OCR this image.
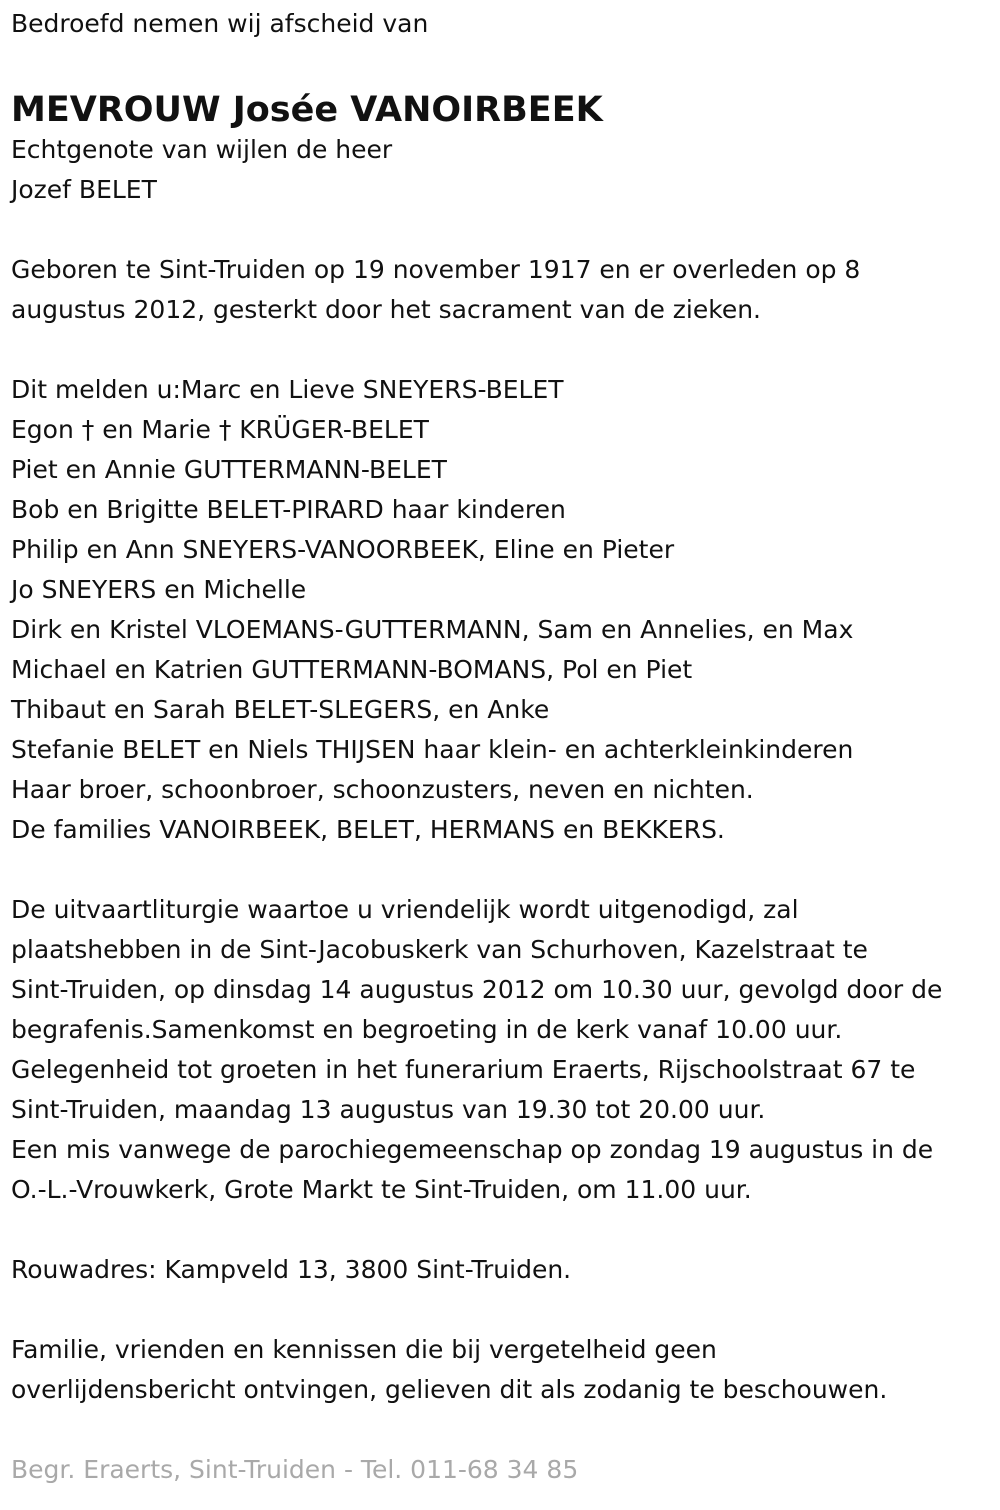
Bedroefd nemen wij afscheid van
MEVROUW Josée VANOIRBEEK
Echtgenote van wijlen de heer
Jozef BELET
Geboren te Sint-Truiden op 19 november 1917 en er overleden op 8
augustus 2012, gesterkt door het sacrament van de zieken.
Dit melden u:Marc en Lieve SNEYERS-BELET
Egon † en Marie † KRÜGER-BELET
Piet en Annie GUTTERMANN-BELET
Bob en Brigitte BELET-PIRARD haar kinderen
Philip en Ann SNEYERS-VANOORBEEK, Eline en Pieter
Jo SNEYERS en Michelle
Dirk en Kristel VLOEMANS-GUTTERMANN, Sam en Annelies, en Max
Michael en Katrien GUTTERMANN-BOMANS, Pol en Piet
Thibaut en Sarah BELET-SLEGERS, en Anke
Stefanie BELET en Niels THIJSEN haar klein- en achterkleinkinderen
Haar broer, schoonbroer, schoonzusters, neven en nichten.
De families VANOIRBEEK, BELET, HERMANS en BEKKERS.
De uitvaartliturgie waartoe u vriendelijk wordt uitgenodigd, zal
plaatshebben in de Sint-Jacobuskerk van Schurhoven, Kazelstraat te
Sint-Truiden, op dinsdag 14 augustus 2012 om 10.30 uur, gevolgd door de
begrafenis.Samenkomst en begroeting in de kerk vanaf 10.00 uur.
Gelegenheid tot groeten in het funerarium Eraerts, Rijschoolstraat 67 te
Sint-Truiden, maandag 13 augustus van 19.30 tot 20.00 uur.
Een mis vanwege de parochiegemeenschap op zondag 19 augustus in de
O.-L.-Vrouwkerk, Grote Markt te Sint-Truiden, om 11.00 uur.
Rouwadres: Kampveld 13, 3800 Sint-Truiden.
Familie, vrienden en kennissen die bij vergetelheid geen
overlijdensbericht ontvingen, gelieven dit als zodanig te beschouwen.
Begr. Eraerts, Sint-Truiden - Tel. 011-68 34 85
